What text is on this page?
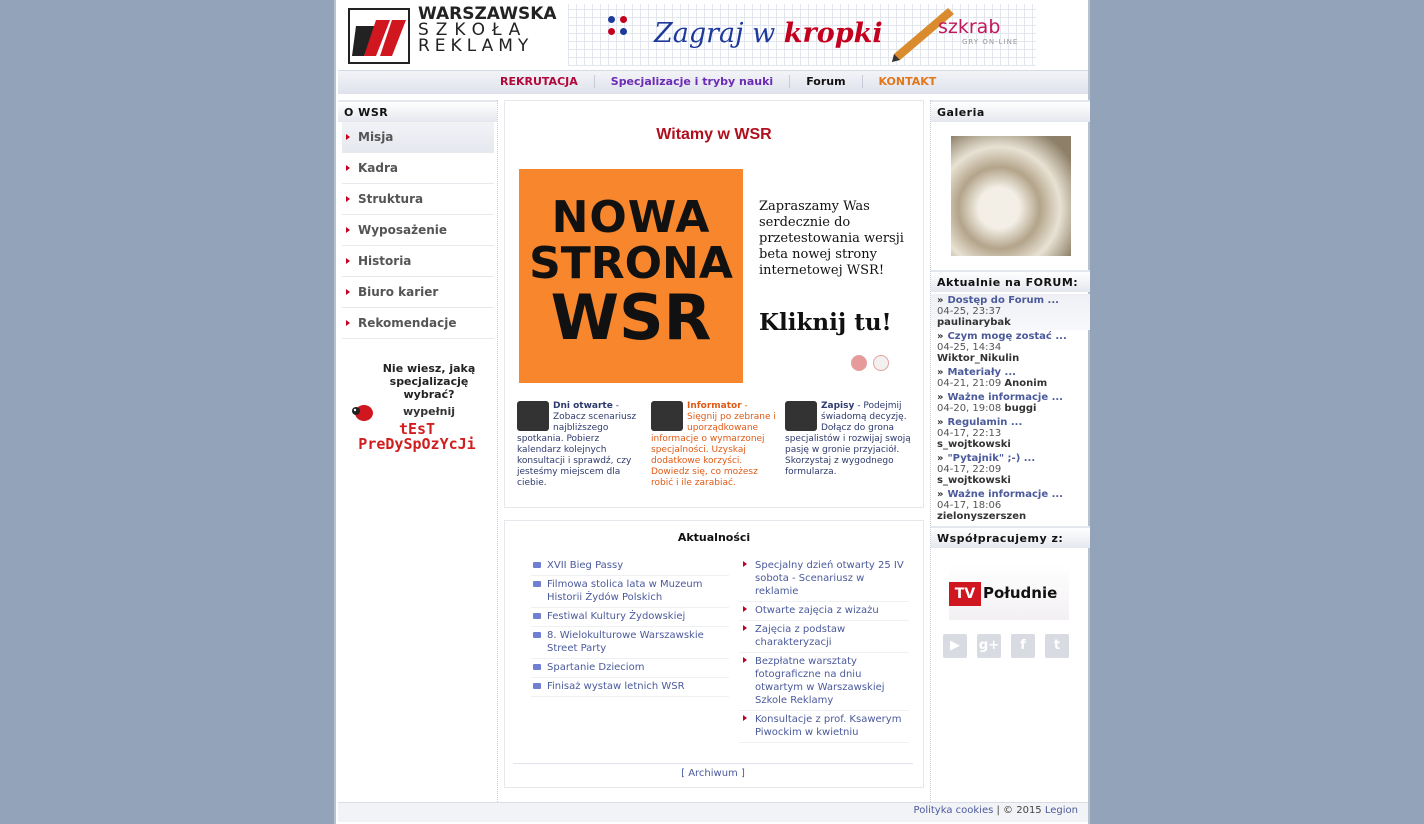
WARSZAWSKA
SZKOŁA
REKLAMY	Zagraj w kropki	szkrab
GRY ON-LINE
REKRUTACJA	Specjalizacje i tryby nauki	Forum	KONTAKT
O WSR
Misja
Kadra
Struktura
Wyposażenie
Historia
Biuro karier
Rekomendacje
Nie wiesz, jaką specjalizację wybrać?
wypełnij
tEsT PreDySpOzYcJi
Witamy w WSR
NOWA
STRONA
WSR
Zapraszamy Was serdecznie do przetestowania wersji beta nowej strony internetowej WSR!
Kliknij tu!
Dni otwarte - Zobacz scenariusz najbliższego spotkania. Pobierz kalendarz kolejnych konsultacji i sprawdź, czy jesteśmy miejscem dla ciebie.
Informator - Sięgnij po zebrane i uporządkowane informacje o wymarzonej specjalności. Uzyskaj dodatkowe korzyści. Dowiedz się, co możesz robić i ile zarabiać.
Zapisy - Podejmij świadomą decyzję. Dołącz do grona specjalistów i rozwijaj swoją pasję w gronie przyjaciół. Skorzystaj z wygodnego formularza.
Aktualności
XVII Bieg Passy
Filmowa stolica lata w Muzeum Historii Żydów Polskich
Festiwal Kultury Żydowskiej
8. Wielokulturowe Warszawskie Street Party
Spartanie Dzieciom
Finisaż wystaw letnich WSR
Specjalny dzień otwarty 25 IV sobota - Scenariusz w reklamie
Otwarte zajęcia z wizażu
Zajęcia z podstaw charakteryzacji
Bezpłatne warsztaty fotograficzne na dniu otwartym w Warszawskiej Szkole Reklamy
Konsultacje z prof. Ksawerym Piwockim w kwietniu
[ Archiwum ]
Galeria
Aktualnie na FORUM:
» Dostęp do Forum ...
04-25, 23:37
paulinarybak
» Czym mogę zostać ...
04-25, 14:34
Wiktor_Nikulin
» Materiały ...
04-21, 21:09 Anonim
» Ważne informacje ...
04-20, 19:08 buggi
» Regulamin ...
04-17, 22:13
s_wojtkowski
» "Pytajnik" ;-) ...
04-17, 22:09
s_wojtkowski
» Ważne informacje ...
04-17, 18:06
zielonyszerszen
Współpracujemy z:
TV Południe
▶	g+	f	t
Polityka cookies | © 2015 Legion
